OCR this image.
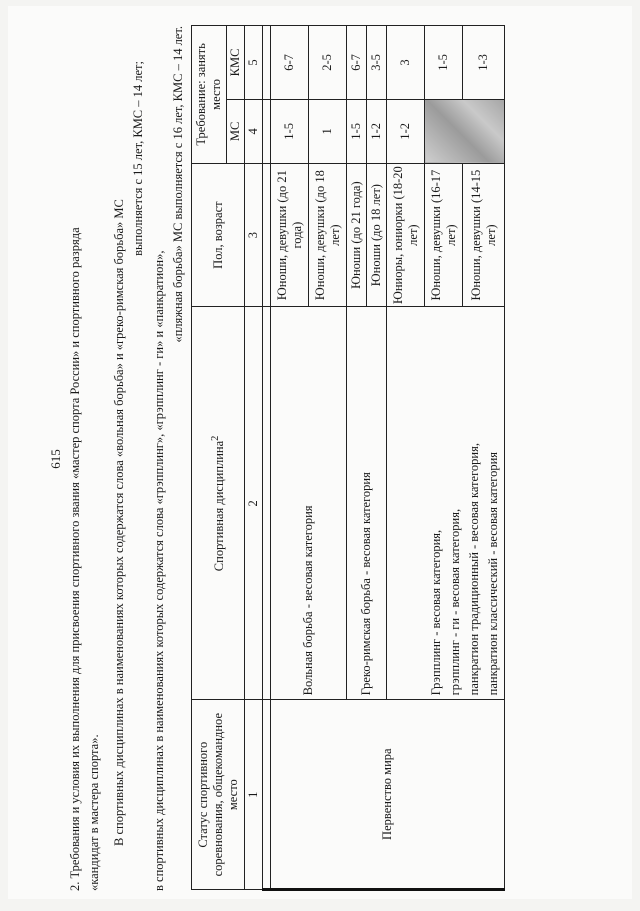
615 2. Требования и условия их выполнения для присвоения спортивного звания «мастер спорта России» и спортивного разряда «кандидат в мастера спорта». В спортивных дисциплинах в наименованиях которых содержатся слова «вольная борьба» и «греко-римская борьба» МС
выполняется с 15 лет, КМС – 14 лет;
в спортивных дисциплинах в наименованиях которых содержатся слова «грэпплинг», «грэпплинг - ги» и «панкратион»,
«пляжная борьба» МС выполняется с 16 лет, КМС – 14 лет.
Статус спортивного соревнования, общекомандное место	Спортивная дисциплина$^2$	Пол, возраст	Требование: занять место	
			МС	КМС
1	2	3	4	5

Первенство мира	Вольная борьба - весовая категория	Юноши, девушки (до 21 года)	1-5	6-7
		Юноши, девушки (до 18 лет)	1	2-5
	Греко-римская борьба - весовая категория	Юноши (до 21 года)	1-5	6-7
		Юноши (до 18 лет)	1-2	3-5

	Грэпплинг - весовая категория, грэпплинг - ги - весовая категория, панкратион традиционный - весовая категория, панкратион классический - весовая категория	Юниоры, юниорки (18-20 лет)	1-2	3
		Юноши, девушки (16-17 лет)		1-5
		Юноши, девушки (14-15 лет)		1-3
